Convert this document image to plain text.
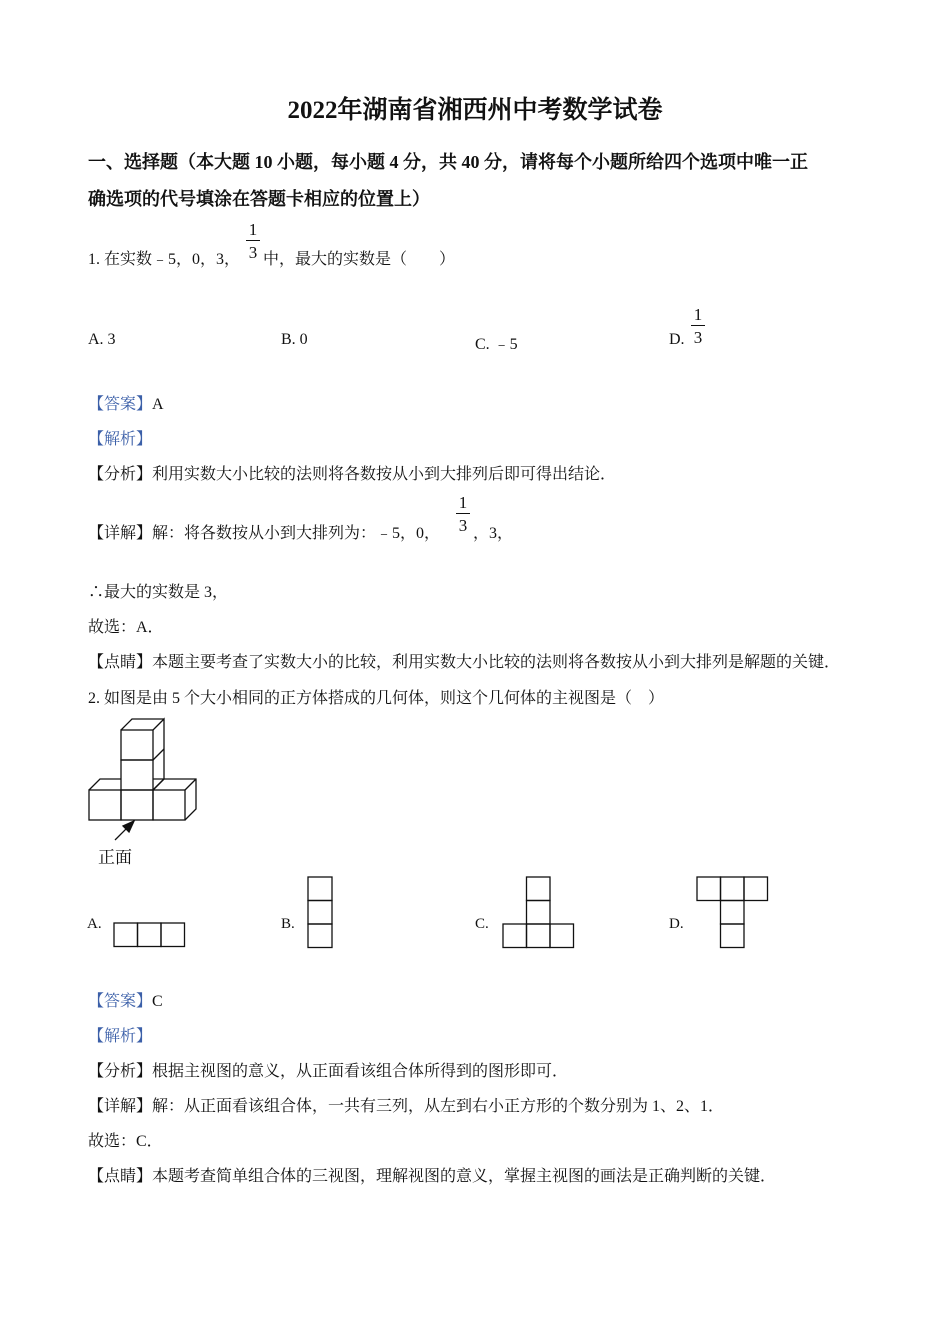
2022年湖南省湘西州中考数学试卷
一、选择题（本大题 10 小题，每小题 4 分，共 40 分，请将每个小题所给四个选项中唯一正
确选项的代号填涂在答题卡相应的位置上）
1. 在实数﹣5，0，3，
1
3 中，最大的实数是（　　）
A. 3	B. 0	C. ﹣5	D.
1
3
【答案】A
【解析】
【分析】利用实数大小比较的法则将各数按从小到大排列后即可得出结论．
【详解】解：将各数按从小到大排列为：﹣5，0，
1
3 ，3，
∴最大的实数是 3，
故选：A．
【点睛】本题主要考查了实数大小的比较，利用实数大小比较的法则将各数按从小到大排列是解题的关键．
2. 如图是由 5 个大小相同的正方体搭成的几何体，则这个几何体的主视图是（　）
正面
A.	B.	C.	D.
【答案】C
【解析】
【分析】根据主视图的意义，从正面看该组合体所得到的图形即可．
【详解】解：从正面看该组合体，一共有三列，从左到右小正方形的个数分别为 1、2、1．
故选：C．
【点睛】本题考查简单组合体的三视图，理解视图的意义，掌握主视图的画法是正确判断的关键．
